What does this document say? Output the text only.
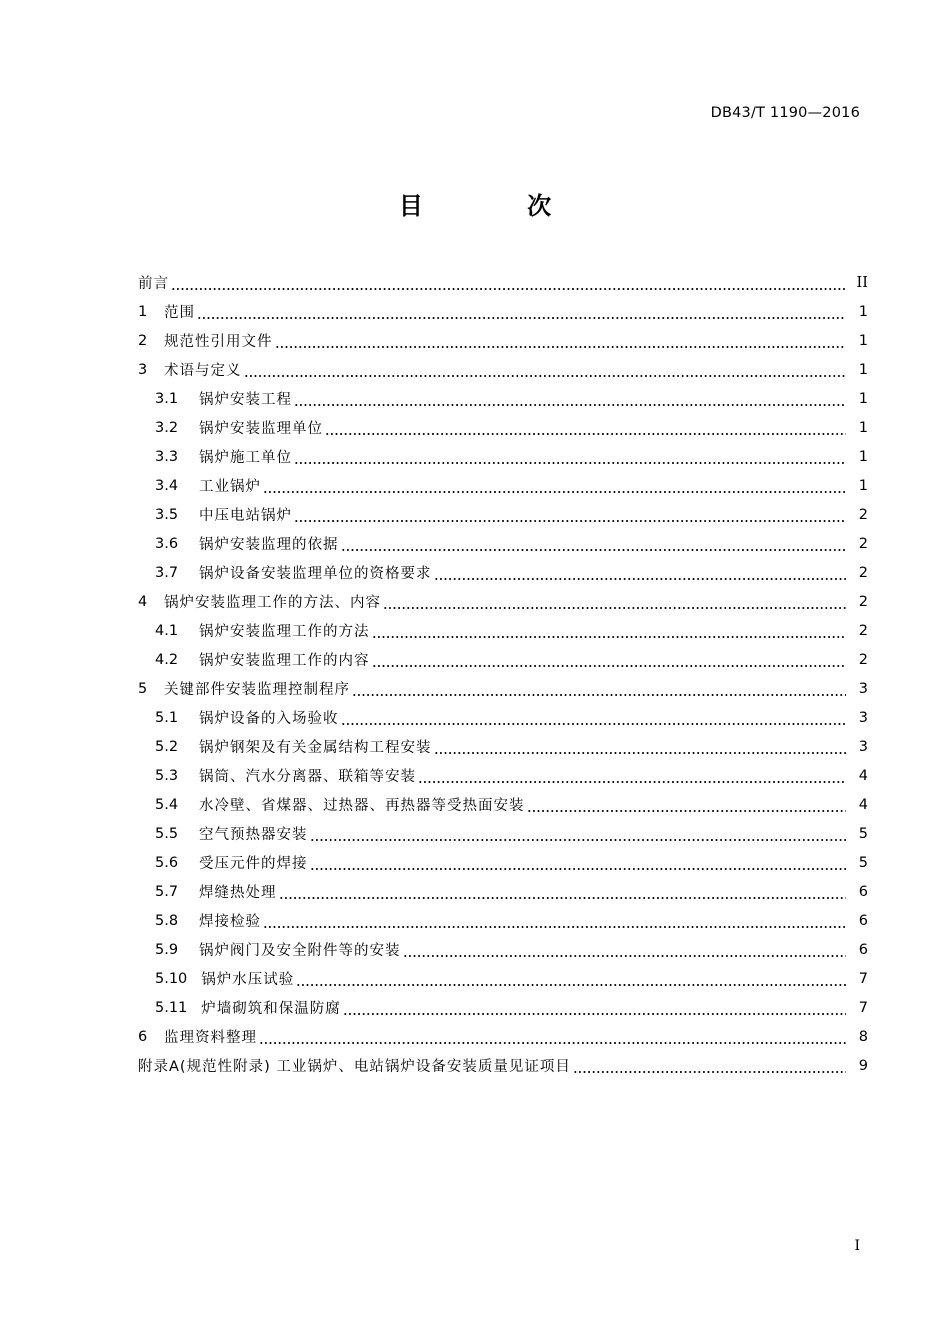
DB43/T 1190—2016
目 次
前言	II
1	范围	1
2	规范性引用文件	1
3	术语与定义	1
3.1	锅炉安装工程	1
3.2	锅炉安装监理单位	1
3.3	锅炉施工单位	1
3.4	工业锅炉	1
3.5	中压电站锅炉	2
3.6	锅炉安装监理的依据	2
3.7	锅炉设备安装监理单位的资格要求	2
4	锅炉安装监理工作的方法、内容	2
4.1	锅炉安装监理工作的方法	2
4.2	锅炉安装监理工作的内容	2
5	关键部件安装监理控制程序	3
5.1	锅炉设备的入场验收	3
5.2	锅炉钢架及有关金属结构工程安装	3
5.3	锅筒、汽水分离器、联箱等安装	4
5.4	水冷壁、省煤器、过热器、再热器等受热面安装	4
5.5	空气预热器安装	5
5.6	受压元件的焊接	5
5.7	焊缝热处理	6
5.8	焊接检验	6
5.9	锅炉阀门及安全附件等的安装	6
5.10 锅炉水压试验	7
5.11 炉墙砌筑和保温防腐	7
6	监理资料整理	8
附录A(规范性附录) 工业锅炉、电站锅炉设备安装质量见证项目	9
I
